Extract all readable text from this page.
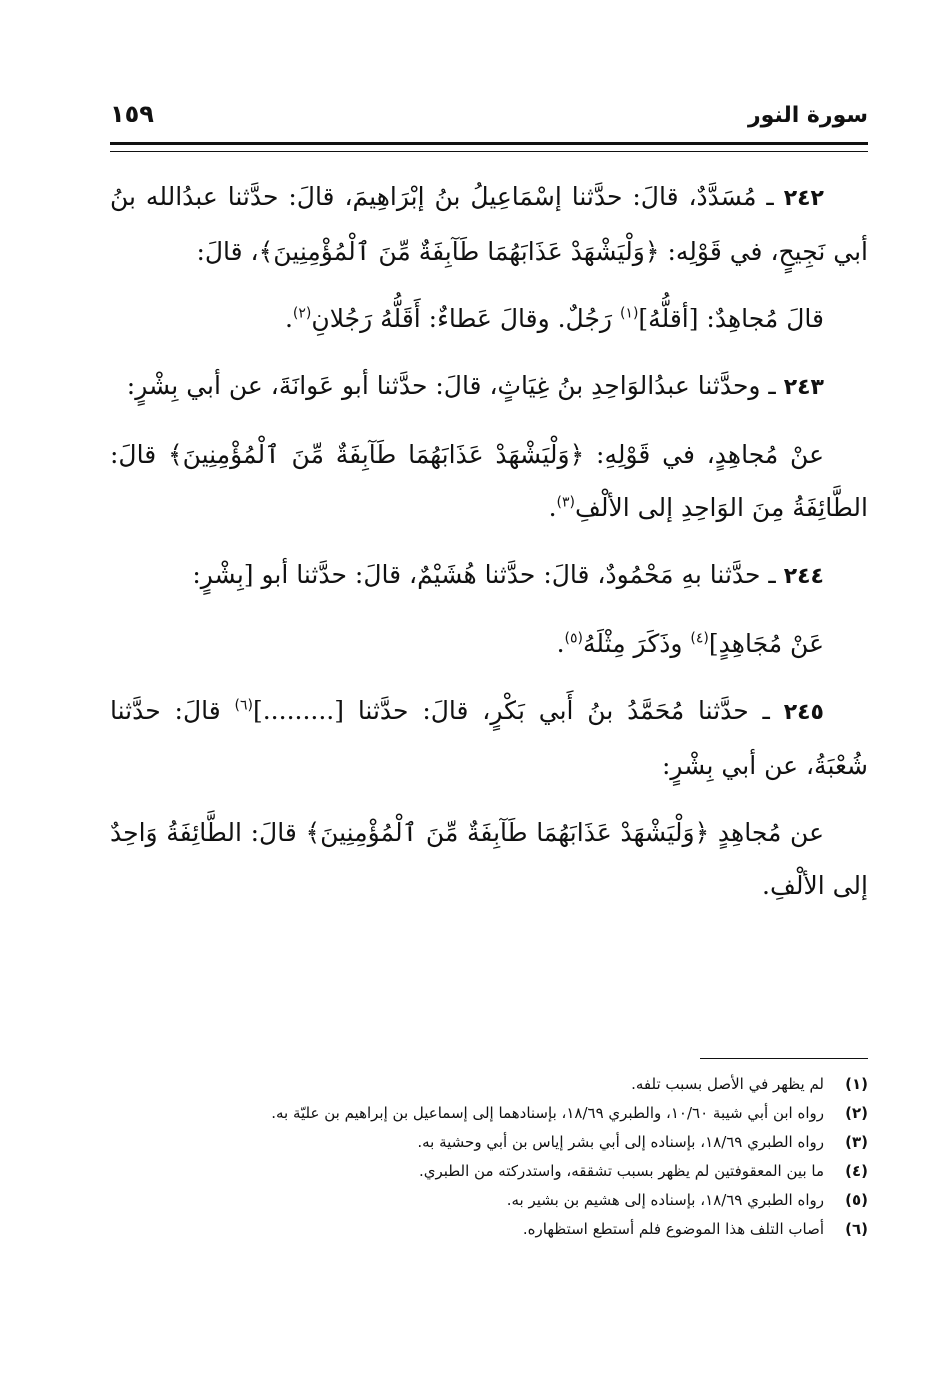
سورة النور
١٥٩

٢٤٢ ـ مُسَدَّدٌ، قالَ: حدَّثنا إسْمَاعِيلُ بنُ إبْرَاهِيمَ، قالَ: حدَّثنا عبدُالله بنُ أبي نَجِيحٍ، في قَوْلِه: ﴿وَلْيَشْهَدْ عَذَابَهُمَا طَآبِفَةٌ مِّنَ ٱلْمُؤْمِنِينَ﴾، قالَ:

قالَ مُجاهِدٌ: [أقلُّهُ]$^{(١)}$ رَجُلٌ. وقالَ عَطاءٌ: أَقَلُّهُ رَجُلانِ$^{(٢)}$.

٢٤٣ ـ وحدَّثنا عبدُالوَاحِدِ بنُ غِيَاثٍ، قالَ: حدَّثنا أبو عَوانَةَ، عن أبي بِشْرٍ:

عنْ مُجاهِدٍ، في قَوْلِهِ: ﴿وَلْيَشْهَدْ عَذَابَهُمَا طَآبِفَةٌ مِّنَ ٱلْمُؤْمِنِينَ﴾ قالَ: الطَّائِفَةُ مِنَ الوَاحِدِ إلى الألْفِ$^{(٣)}$.

٢٤٤ ـ حدَّثنا بهِ مَحْمُودٌ، قالَ: حدَّثنا هُشَيْمٌ، قالَ: حدَّثنا أبو [بِشْرٍ:

عَنْ مُجَاهِدٍ]$^{(٤)}$ وذَكَرَ مِثْلَهُ$^{(٥)}$.

٢٤٥ ـ حدَّثنا مُحَمَّدُ بنُ أَبي بَكْرٍ، قالَ: حدَّثنا [.........]$^{(٦)}$ قالَ: حدَّثنا شُعْبَةُ، عن أبي بِشْرٍ:

عن مُجاهِدٍ ﴿وَلْيَشْهَدْ عَذَابَهُمَا طَآبِفَةٌ مِّنَ ٱلْمُؤْمِنِينَ﴾ قالَ: الطَّائِفَةُ وَاحِدٌ إلى الألْفِ.

(١)
لم يظهر في الأصل بسبب تلفه.
(٢)
رواه ابن أبي شيبة ١٠/٦٠، والطبري ١٨/٦٩، بإسنادهما إلى إسماعيل بن إبراهيم بن عليّة به.
(٣)
رواه الطبري ١٨/٦٩، بإسناده إلى أبي بشر إياس بن أبي وحشية به.
(٤)
ما بين المعقوفتين لم يظهر بسبب تشققه، واستدركته من الطبري.
(٥)
رواه الطبري ١٨/٦٩، بإسناده إلى هشيم بن بشير به.
(٦)
أصاب التلف هذا الموضوع فلم أستطع استظهاره.
